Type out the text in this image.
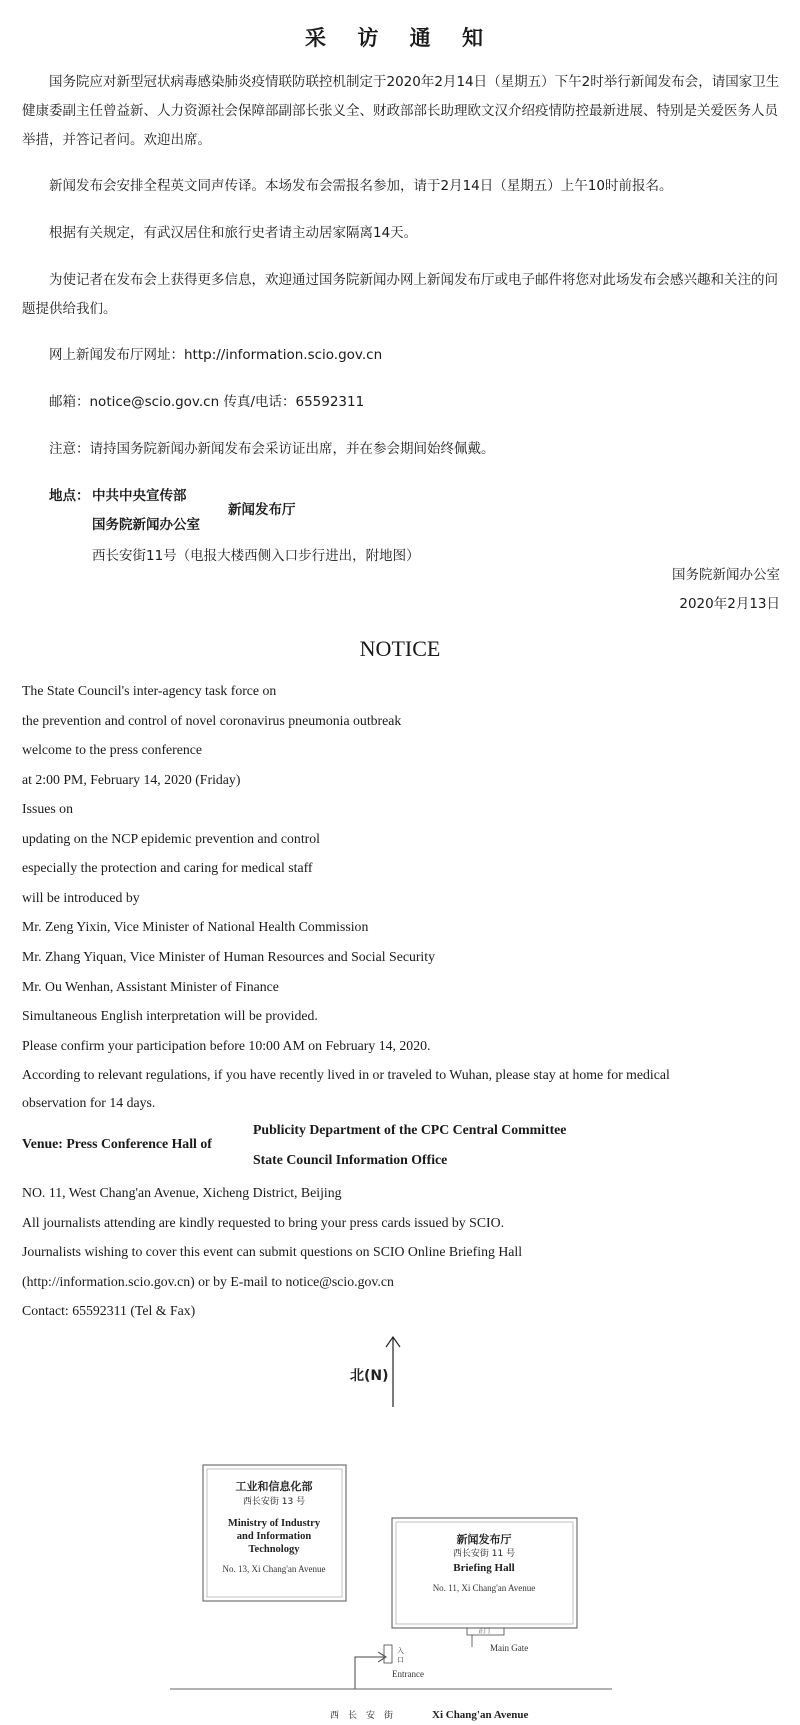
采 访 通 知

国务院应对新型冠状病毒感染肺炎疫情联防联控机制定于2020年2月14日（星期五）下午2时举行新闻发布会，请国家卫生健康委副主任曾益新、人力资源社会保障部副部长张义全、财政部部长助理欧文汉介绍疫情防控最新进展、特别是关爱医务人员举措，并答记者问。欢迎出席。

新闻发布会安排全程英文同声传译。本场发布会需报名参加，请于2月14日（星期五）上午10时前报名。

根据有关规定，有武汉居住和旅行史者请主动居家隔离14天。

为使记者在发布会上获得更多信息，欢迎通过国务院新闻办网上新闻发布厅或电子邮件将您对此场发布会感兴趣和关注的问题提供给我们。

网上新闻发布厅网址：http://information.scio.gov.cn

邮箱：notice@scio.gov.cn 传真/电话：65592311

注意：请持国务院新闻办新闻发布会采访证出席，并在参会期间始终佩戴。

地点： 中共中央宣传部
国务院新闻办公室
新闻发布厅
西长安街11号（电报大楼西侧入口步行进出，附地图）
国务院新闻办公室
2020年2月13日
NOTICE

The State Council's inter-agency task force on

the prevention and control of novel coronavirus pneumonia outbreak

welcome to the press conference

at 2:00 PM, February 14, 2020 (Friday)

Issues on

updating on the NCP epidemic prevention and control

especially the protection and caring for medical staff

will be introduced by

Mr. Zeng Yixin, Vice Minister of National Health Commission

Mr. Zhang Yiquan, Vice Minister of Human Resources and Social Security

Mr. Ou Wenhan, Assistant Minister of Finance

Simultaneous English interpretation will be provided.

Please confirm your participation before 10:00 AM on February 14, 2020.

According to relevant regulations, if you have recently lived in or traveled to Wuhan, please stay at home for medical

observation for 14 days.

Venue: Press Conference Hall of
Publicity Department of the CPC Central Committee
State Council Information Office

NO. 11, West Chang'an Avenue, Xicheng District, Beijing

All journalists attending are kindly requested to bring your press cards issued by SCIO.

Journalists wishing to cover this event can submit questions on SCIO Online Briefing Hall

(http://information.scio.gov.cn) or by E-mail to notice@scio.gov.cn

Contact: 65592311 (Tel & Fax)

北(N)
工业和信息化部
西长安街 13 号
Ministry of Industry
and Information
Technology
No. 13, Xi Chang'an Avenue
新闻发布厅
西长安街 11 号
Briefing Hall
No. 11, Xi Chang'an Avenue
正门
Main Gate
入
口
Entrance
西　长　安　街	Xi Chang'an Avenue
